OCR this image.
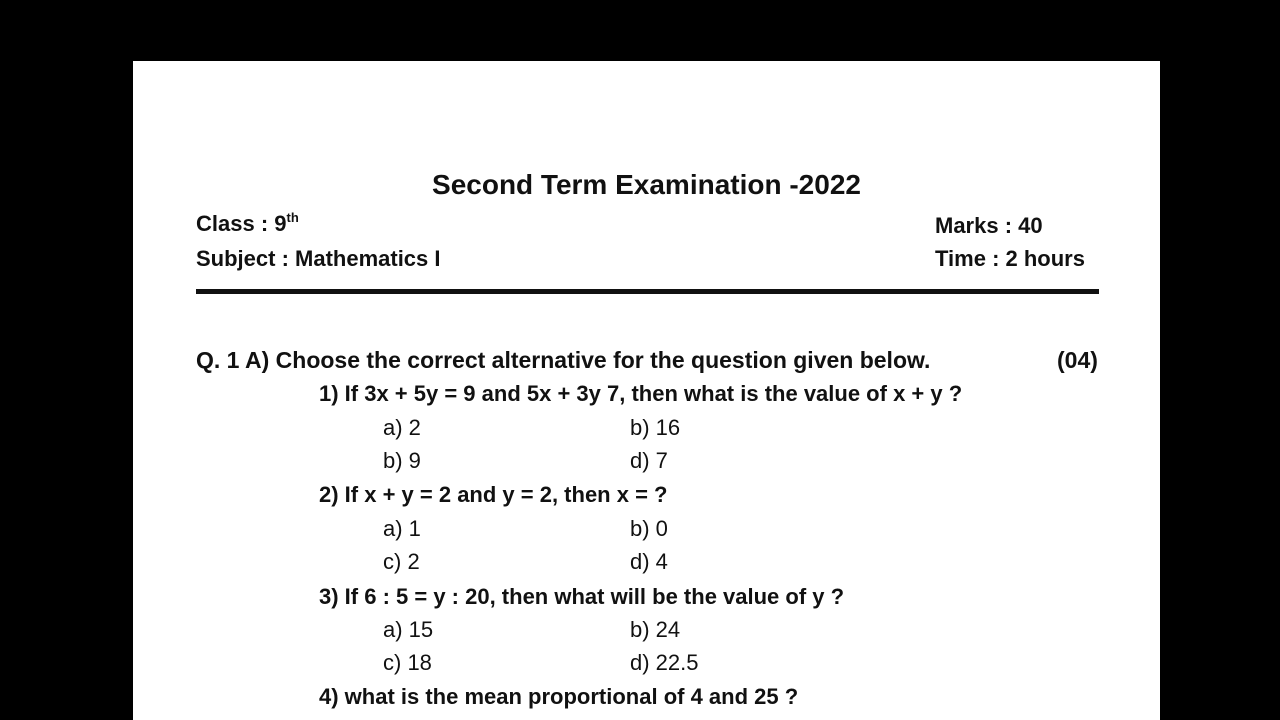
Second Term Examination -2022
Class : 9th
Subject : Mathematics I
Marks : 40
Time : 2 hours
Q. 1 A) Choose the correct alternative for the question given below.	(04)
1) If 3x + 5y = 9 and 5x + 3y 7, then what is the value of x + y ?
a) 2	b) 16
b) 9	d) 7
2) If x + y = 2 and y = 2, then x = ?
a) 1	b) 0
c) 2	d) 4
3) If 6 : 5 = y : 20, then what will be the value of y ?
a) 15	b) 24
c) 18	d) 22.5
4) what is the mean proportional of 4 and 25 ?
